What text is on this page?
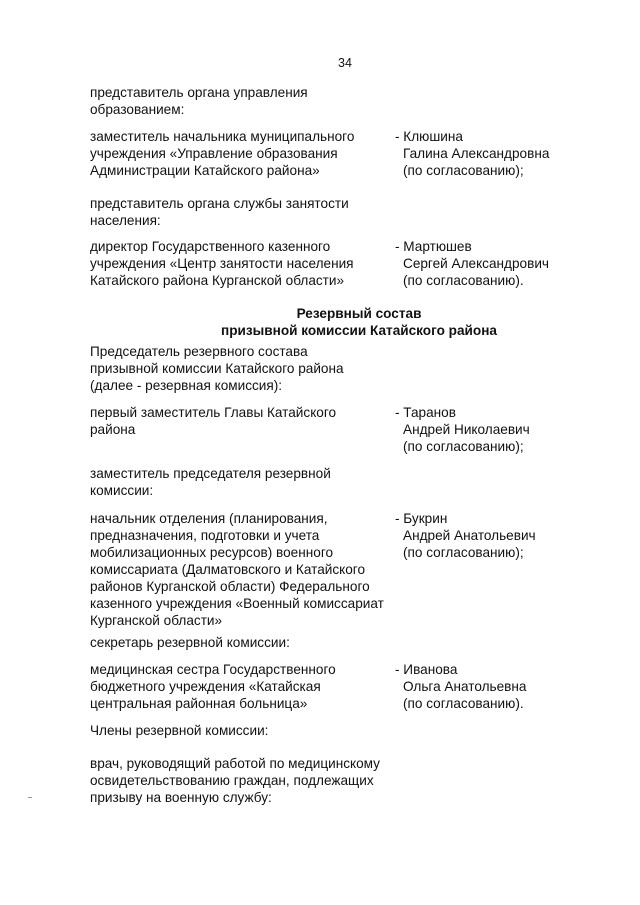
34
представитель органа управления
образованием:
заместитель начальника муниципального
учреждения «Управление образования
Администрации Катайского района»
- Клюшина
Галина Александровна
(по согласованию);
представитель органа службы занятости
населения:
директор Государственного казенного
учреждения «Центр занятости населения
Катайского района Курганской области»
- Мартюшев
Сергей Александрович
(по согласованию).
Резервный состав
призывной комиссии Катайского района
Председатель резервного состава
призывной комиссии Катайского района
(далее - резервная комиссия):
первый заместитель Главы Катайского
района
- Таранов
Андрей Николаевич
(по согласованию);
заместитель председателя резервной
комиссии:
начальник отделения (планирования,
предназначения, подготовки и учета
мобилизационных ресурсов) военного
комиссариата (Далматовского и Катайского
районов Курганской области) Федерального
казенного учреждения «Военный комиссариат
Курганской области»
- Букрин
Андрей Анатольевич
(по согласованию);
секретарь резервной комиссии:
медицинская сестра Государственного
бюджетного учреждения «Катайская
центральная районная больница»
- Иванова
Ольга Анатольевна
(по согласованию).
Члены резервной комиссии:
врач, руководящий работой по медицинскому
освидетельствованию граждан, подлежащих
призыву на военную службу:
